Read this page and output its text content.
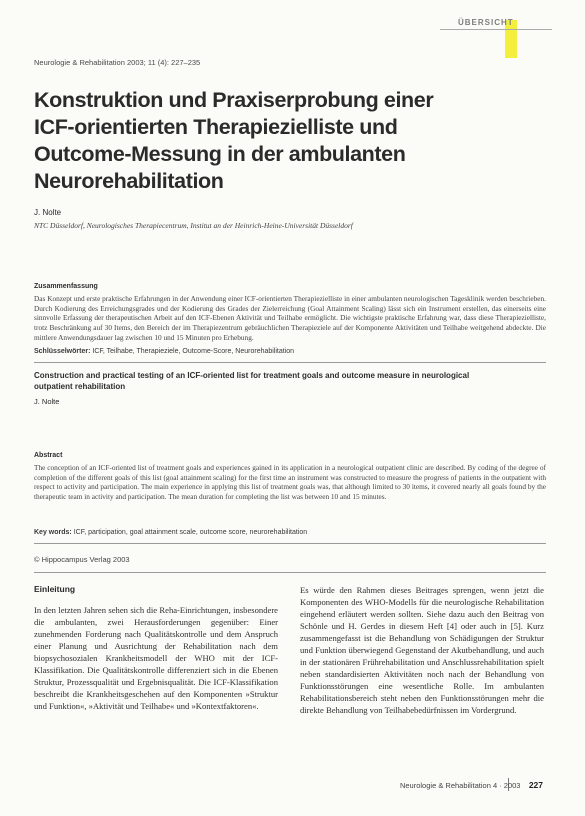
ÜBERSICHT
Neurologie & Rehabilitation 2003; 11 (4): 227–235
Konstruktion und Praxiserprobung einer ICF-orientierten Therapiezielliste und Outcome-Messung in der ambulanten Neurorehabilitation
J. Nolte
NTC Düsseldorf, Neurologisches Therapiecentrum, Institut an der Heinrich-Heine-Universität Düsseldorf
Zusammenfassung

Das Konzept und erste praktische Erfahrungen in der Anwendung einer ICF-orientierten Therapiezielliste in einer ambulanten neurologischen Tagesklinik werden beschrieben. Durch Kodierung des Erreichungsgrades und der Kodierung des Grades der Zielerreichung (Goal Attainment Scaling) lässt sich ein Instrument erstellen, das einerseits eine sinnvolle Erfassung der therapeutischen Arbeit auf den ICF-Ebenen Aktivität und Teilhabe ermöglicht. Die wichtigste praktische Erfahrung war, dass diese Therapiezielliste, trotz Beschränkung auf 30 Items, den Bereich der im Therapiezentrum gebräuchlichen Therapieziele auf der Komponente Aktivitäten und Teilhabe weitgehend abdeckte. Die mittlere Anwendungsdauer lag zwischen 10 und 15 Minuten pro Erhebung.

Schlüsselwörter: ICF, Teilhabe, Therapieziele, Outcome-Score, Neurorehabilitation
Construction and practical testing of an ICF-oriented list for treatment goals and outcome measure in neurological outpatient rehabilitation
J. Nolte
Abstract

The conception of an ICF-oriented list of treatment goals and experiences gained in its application in a neurological outpatient clinic are described. By coding of the degree of completion of the different goals of this list (goal attainment scaling) for the first time an instrument was constructed to measure the progress of patients in the outpatient with respect to activity and participation. The main experience in applying this list of treatment goals was, that although limited to 30 items, it covered nearly all goals found by the therapeutic team in activity and participation. The mean duration for completing the list was between 10 and 15 minutes.

Key words: ICF, participation, goal attainment scale, outcome score, neurorehabilitation
© Hippocampus Verlag 2003
Einleitung

In den letzten Jahren sehen sich die Reha-Einrichtungen, insbesondere die ambulanten, zwei Herausforderungen gegenüber: Einer zunehmenden Forderung nach Qualitätskontrolle und dem Anspruch einer Planung und Ausrichtung der Rehabilitation nach dem biopsychosozialen Krankheitsmodell der WHO mit der ICF-Klassifikation. Die Qualitätskontrolle differenziert sich in die Ebenen Struktur, Prozessqualität und Ergebnisqualität. Die ICF-Klassifikation beschreibt die Krankheitsgeschehen auf den Komponenten »Struktur und Funktion«, »Aktivität und Teilhabe« und »Kontextfaktoren«.

Es würde den Rahmen dieses Beitrages sprengen, wenn jetzt die Komponenten des WHO-Modells für die neurologische Rehabilitation eingehend erläutert werden sollten. Siehe dazu auch den Beitrag von Schönle und H. Gerdes in diesem Heft [4] oder auch in [5]. Kurz zusammengefasst ist die Behandlung von Schädigungen der Struktur und Funktion überwiegend Gegenstand der Akutbehandlung, und auch in der stationären Frührehabilitation und Anschlussrehabilitation spielt neben standardisierten Aktivitäten noch nach der Behandlung von Funktionsstörungen eine wesentliche Rolle. Im ambulanten Rehabilitationsbereich steht neben den Funktionsstörungen mehr die direkte Behandlung von Teilhabebedürfnissen im Vordergrund.

Neurologie & Rehabilitation 4 · 2003 227
